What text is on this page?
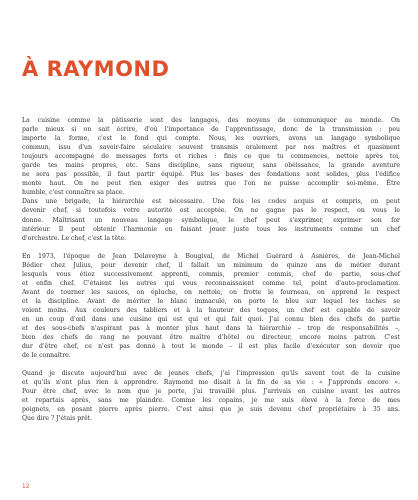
À RAYMOND

La cuisine comme la pâtisserie sont des langages, des moyens de communiquer au monde. On
parle mieux si on sait écrire, d'où l'importance de l'apprentissage, donc de la transmission : peu
importe la forme, c'est le fond qui compte. Nous, les ouvriers, avons un langage symbolique
commun, issu d'un savoir-faire séculaire souvent transmis oralement par nos maîtres et quasiment
toujours accompagné de messages forts et riches : finis ce que tu commences, nettoie après toi,
garde tes mains propres, etc. Sans discipline, sans rigueur, sans obéissance, la grande aventure
ne sera pas possible, il faut partir équipé. Plus les bases des fondations sont solides, plus l'édifice
monte haut. On ne peut rien exiger des autres que l'on ne puisse accomplir soi-même. Être
humble, c'est connaître sa place.

Dans une brigade, la hiérarchie est nécessaire. Une fois les codes acquis et compris, on peut
devenir chef, si toutefois votre autorité est acceptée. On ne gagne pas le respect, on vous le
donne. Maîtrisant un nouveau langage symbolique, le chef peut s'exprimer, exprimer son for
intérieur. Il peut obtenir l'harmonie en faisant jouer juste tous les instruments comme un chef
d'orchestre. Le chef, c'est la tête.

En 1973, l'époque de Jean Delaveyne à Bougival, de Michel Guérard à Asnières, de Jean-Michel
Bédier chez Julius, pour devenir chef, il fallait un minimum de quinze ans de métier durant
lesquels vous étiez successivement apprenti, commis, premier commis, chef de partie, sous-chef
et enfin chef. C'étaient les autres qui vous reconnaissaient comme tel, point d'auto-proclamation.
Avant de tourner les sauces, on épluche, on nettoie, on frotte le fourneau, on apprend le respect
et la discipline. Avant de mériter le blanc immaculé, on porte le bleu sur lequel les taches se
voient moins. Aux couleurs des tabliers et à la hauteur des toques, un chef est capable de savoir
en un coup d'œil dans une cuisine qui est qui et qui fait quoi. J'ai connu bien des chefs de partie
et des sous-chefs n'aspirant pas à monter plus haut dans la hiérarchie – trop de responsabilités –,
bien des chefs de rang ne pouvant être maître d'hôtel ou directeur, encore moins patron. C'est
dur d'être chef, ce n'est pas donné à tout le monde – il est plus facile d'exécuter son devoir que
de le connaître.

Quand je discute aujourd'hui avec de jeunes chefs, j'ai l'impression qu'ils savent tout de la cuisine
et qu'ils n'ont plus rien à apprendre. Raymond me disait à la fin de sa vie : « J'apprends encore ».
Pour être chef, avec le nom que je porte, j'ai travaillé plus. J'arrivais en cuisine avant les autres
et repartais après, sans me plaindre. Comme les copains, je me suis élevé à la force de mes
poignets, en posant pierre après pierre. C'est ainsi que je suis devenu chef propriétaire à 35 ans.
Que dire ? J'étais prêt.

12
